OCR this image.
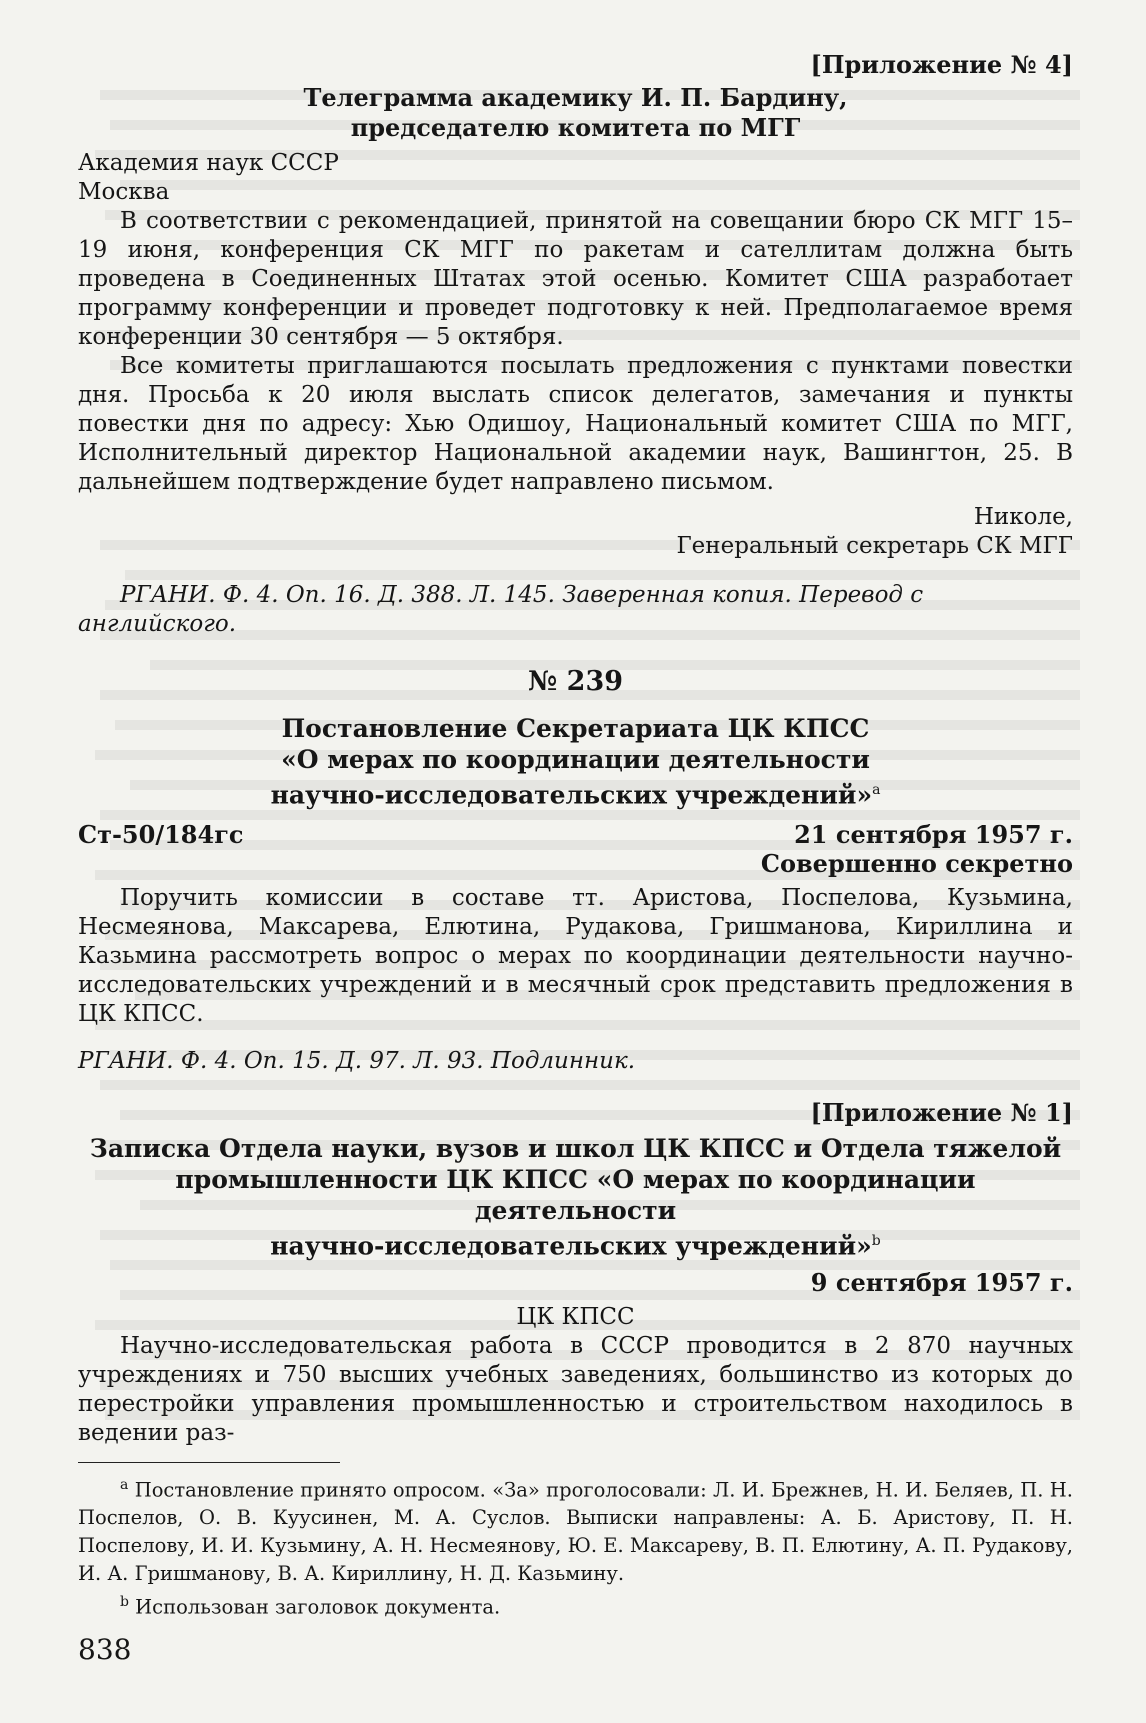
[Приложение № 4]

Телеграмма академику И. П. Бардину,

председателю комитета по МГГ

Академия наук СССР

Москва

В соответствии с рекомендацией, принятой на совещании бюро СК МГГ 15–19 июня, конференция СК МГГ по ракетам и сателлитам должна быть проведена в Соединенных Штатах этой осенью. Комитет США разработает программу конференции и проведет подготовку к ней. Предполагаемое время конференции 30 сентября — 5 октября.

Все комитеты приглашаются посылать предложения с пунктами повестки дня. Просьба к 20 июля выслать список делегатов, замечания и пункты повестки дня по адресу: Хью Одишоу, Национальный комитет США по МГГ, Исполнительный директор Национальной академии наук, Вашингтон, 25. В дальнейшем подтверждение будет направлено письмом.

Николе,

Генеральный секретарь СК МГГ

РГАНИ. Ф. 4. Оп. 16. Д. 388. Л. 145. Заверенная копия. Перевод с английского.

№ 239

Постановление Секретариата ЦК КПСС

«О мерах по координации деятельности

научно-исследовательских учреждений»$^а$

Ст-50/184гс	21 сентября 1957 г.

Совершенно секретно

Поручить комиссии в составе тт. Аристова, Поспелова, Кузьмина, Несмеянова, Максарева, Елютина, Рудакова, Гришманова, Кириллина и Казьмина рассмотреть вопрос о мерах по координации деятельности научно-исследовательских учреждений и в месячный срок представить предложения в ЦК КПСС.

РГАНИ. Ф. 4. Оп. 15. Д. 97. Л. 93. Подлинник.

[Приложение № 1]

Записка Отдела науки, вузов и школ ЦК КПСС и Отдела тяжелой

промышленности ЦК КПСС «О мерах по координации деятельности

научно-исследовательских учреждений»$^b$

9 сентября 1957 г.

ЦК КПСС

Научно-исследовательская работа в СССР проводится в 2 870 научных учреждениях и 750 высших учебных заведениях, большинство из которых до перестройки управления промышленностью и строительством находилось в ведении раз-

$^а$ Постановление принято опросом. «За» проголосовали: Л. И. Брежнев, Н. И. Беляев, П. Н. Поспелов, О. В. Куусинен, М. А. Суслов. Выписки направлены: А. Б. Аристову, П. Н. Поспелову, И. И. Кузьмину, А. Н. Несмеянову, Ю. Е. Максареву, В. П. Елютину, А. П. Рудакову, И. А. Гришманову, В. А. Кириллину, Н. Д. Казьмину.

$^b$ Использован заголовок документа.

838
